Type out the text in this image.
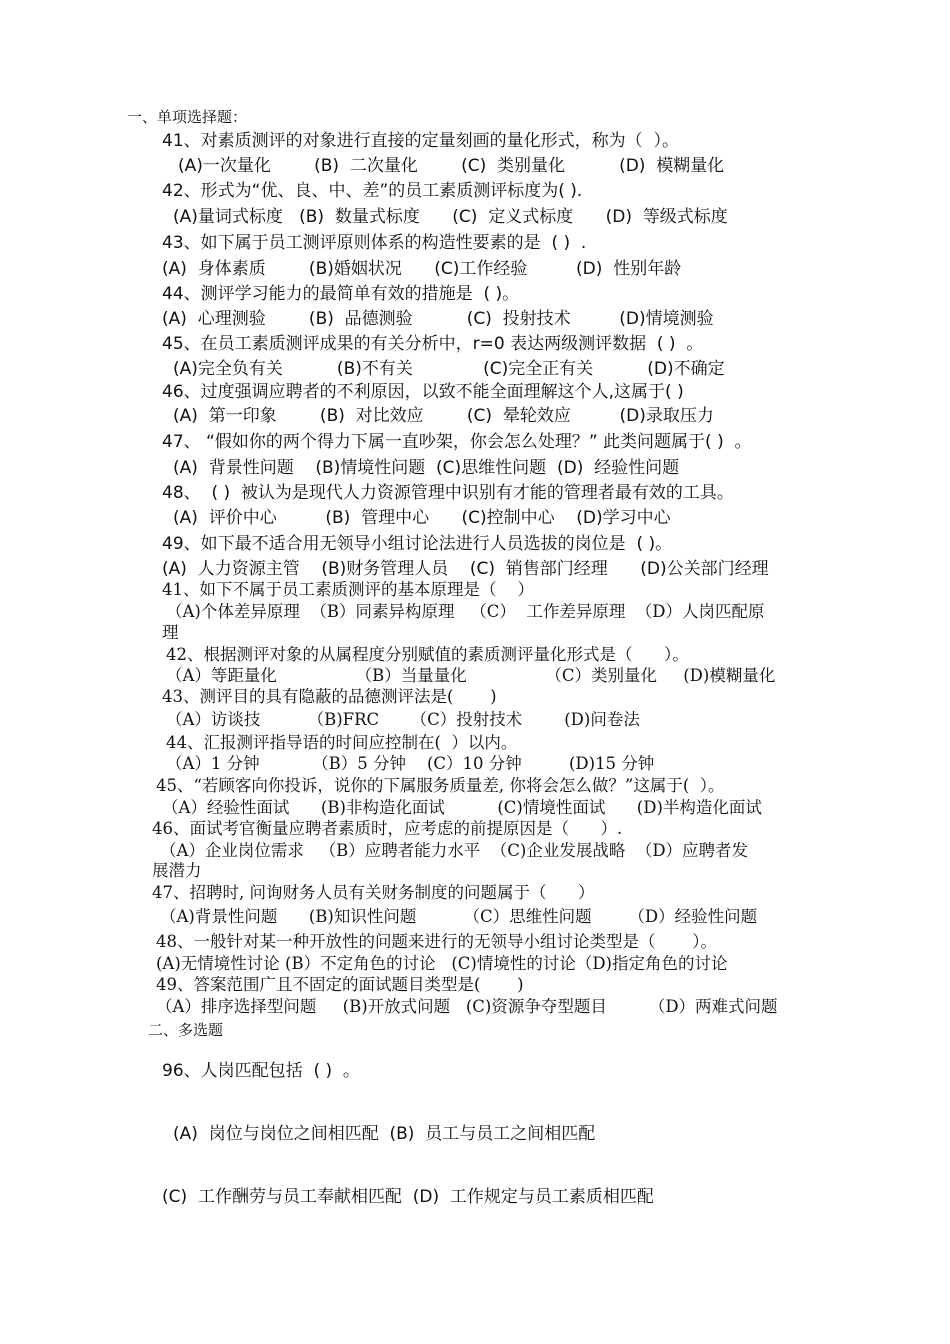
一、单项选择题：
41、对素质测评的对象进行直接的定量刻画的量化形式，称为（  ）。
(A)一次量化        (B)  二次量化        (C)  类别量化          (D)  模糊量化
42、形式为“优、良、中、差”的员工素质测评标度为( ).
(A)量词式标度   (B)  数量式标度      (C)  定义式标度      (D)  等级式标度
43、如下属于员工测评原则体系的构造性要素的是  ( )  .
(A)  身体素质        (B)婚姻状况      (C)工作经验         (D)  性别年龄
44、测评学习能力的最简单有效的措施是  ( )。
(A)  心理测验        (B)  品德测验          (C)  投射技术         (D)情境测验
45、在员工素质测评成果的有关分析中，r=0 表达两级测评数据  ( )  。
(A)完全负有关          (B)不有关             (C)完全正有关          (D)不确定
46、过度强调应聘者的不利原因，以致不能全面理解这个人,这属于( )
(A)  第一印象        (B)  对比效应        (C)  晕轮效应         (D)录取压力
47、 “假如你的两个得力下属一直吵架，你会怎么处理？” 此类问题属于( )  。
(A)  背景性问题    (B)情境性问题  (C)思维性问题  (D)  经验性问题
48、  ( )  被认为是现代人力资源管理中识别有才能的管理者最有效的工具。
(A)  评价中心         (B)  管理中心      (C)控制中心    (D)学习中心
49、如下最不适合用无领导小组讨论法进行人员选拔的岗位是  ( )。
(A)  人力资源主管    (B)财务管理人员    (C)  销售部门经理      (D)公关部门经理
41、如下不属于员工素质测评的基本原理是（    ）
（A)个体差异原理  （B）同素异构原理   （C）  工作差异原理  （D）人岗匹配原
理
42、根据测评对象的从属程度分别赋值的素质测评量化形式是（      ）。
（A）等距量化               （B）当量量化               （C）类别量化     (D)模糊量化
43、测评目的具有隐蔽的品德测评法是(       )
（A）访谈技         （B)FRC      （C）投射技术        (D)问卷法
44、汇报测评指导语的时间应控制在(  ）以内。
（A）1 分钟          （B）5 分钟    (C）10 分钟         (D)15 分钟
45、“若顾客向你投诉，说你的下属服务质量差, 你将会怎么做？”这属于(  ）。
（A）经验性面试      (B)非构造化面试          (C)情境性面试      (D)半构造化面试
46、面试考官衡量应聘者素质时，应考虑的前提原因是（      ）.
（A）企业岗位需求   （B）应聘者能力水平  （C)企业发展战略  （D）应聘者发
展潜力
47、招聘时, 问询财务人员有关财务制度的问题属于（      ）
（A)背景性问题      (B)知识性问题         （C）思维性问题       （D）经验性问题
48、一般针对某一种开放性的问题来进行的无领导小组讨论类型是（       ）。
(A)无情境性讨论 (B）不定角色的讨论   (C)情境性的讨论（D)指定角色的讨论
49、答案范围广且不固定的面试题目类型是(       )
（A）排序选择型问题     (B)开放式问题   (C)资源争夺型题目        （D）两难式问题
二、多选题
96、人岗匹配包括  ( )  。
(A)  岗位与岗位之间相匹配  (B)  员工与员工之间相匹配
(C)  工作酬劳与员工奉献相匹配  (D)  工作规定与员工素质相匹配
